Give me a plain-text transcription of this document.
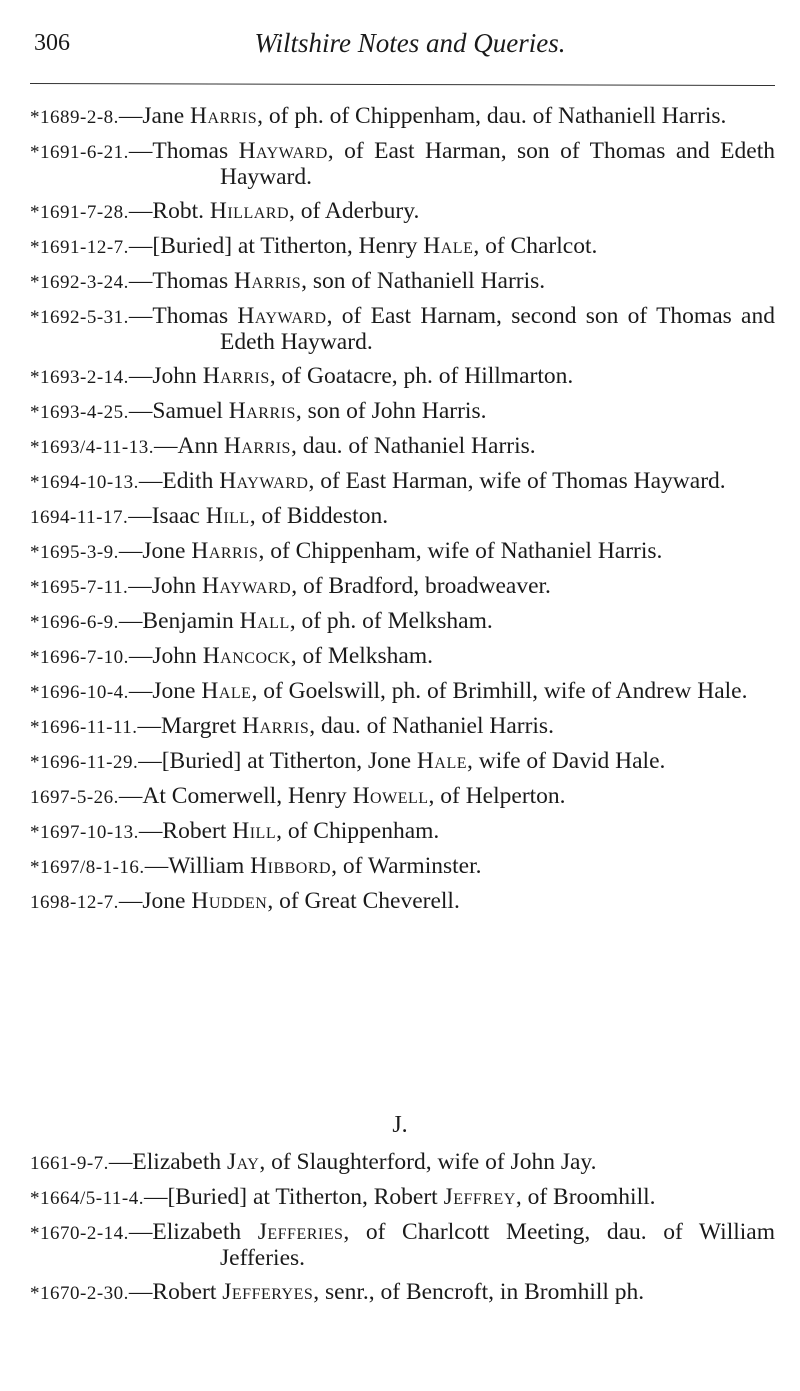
306	Wiltshire Notes and Queries.
*1689-2-8.—Jane Harris, of ph. of Chippenham, dau. of Nathaniell Harris.
*1691-6-21.—Thomas Hayward, of East Harman, son of Thomas and Edeth Hayward.
*1691-7-28.—Robt. Hillard, of Aderbury.
*1691-12-7.—[Buried] at Titherton, Henry Hale, of Charlcot.
*1692-3-24.—Thomas Harris, son of Nathaniell Harris.
*1692-5-31.—Thomas Hayward, of East Harnam, second son of Thomas and Edeth Hayward.
*1693-2-14.—John Harris, of Goatacre, ph. of Hillmarton.
*1693-4-25.—Samuel Harris, son of John Harris.
*1693/4-11-13.—Ann Harris, dau. of Nathaniel Harris.
*1694-10-13.—Edith Hayward, of East Harman, wife of Thomas Hayward.
1694-11-17.—Isaac Hill, of Biddeston.
*1695-3-9.—Jone Harris, of Chippenham, wife of Nathaniel Harris.
*1695-7-11.—John Hayward, of Bradford, broadweaver.
*1696-6-9.—Benjamin Hall, of ph. of Melksham.
*1696-7-10.—John Hancock, of Melksham.
*1696-10-4.—Jone Hale, of Goelswill, ph. of Brimhill, wife of Andrew Hale.
*1696-11-11.—Margret Harris, dau. of Nathaniel Harris.
*1696-11-29.—[Buried] at Titherton, Jone Hale, wife of David Hale.
1697-5-26.—At Comerwell, Henry Howell, of Helperton.
*1697-10-13.—Robert Hill, of Chippenham.
*1697/8-1-16.—William Hibbord, of Warminster.
1698-12-7.—Jone Hudden, of Great Cheverell.
J.
1661-9-7.—Elizabeth Jay, of Slaughterford, wife of John Jay.
*1664/5-11-4.—[Buried] at Titherton, Robert Jeffrey, of Broomhill.
*1670-2-14.—Elizabeth Jefferies, of Charlcott Meeting, dau. of William Jefferies.
*1670-2-30.—Robert Jefferyes, senr., of Bencroft, in Bromhill ph.
